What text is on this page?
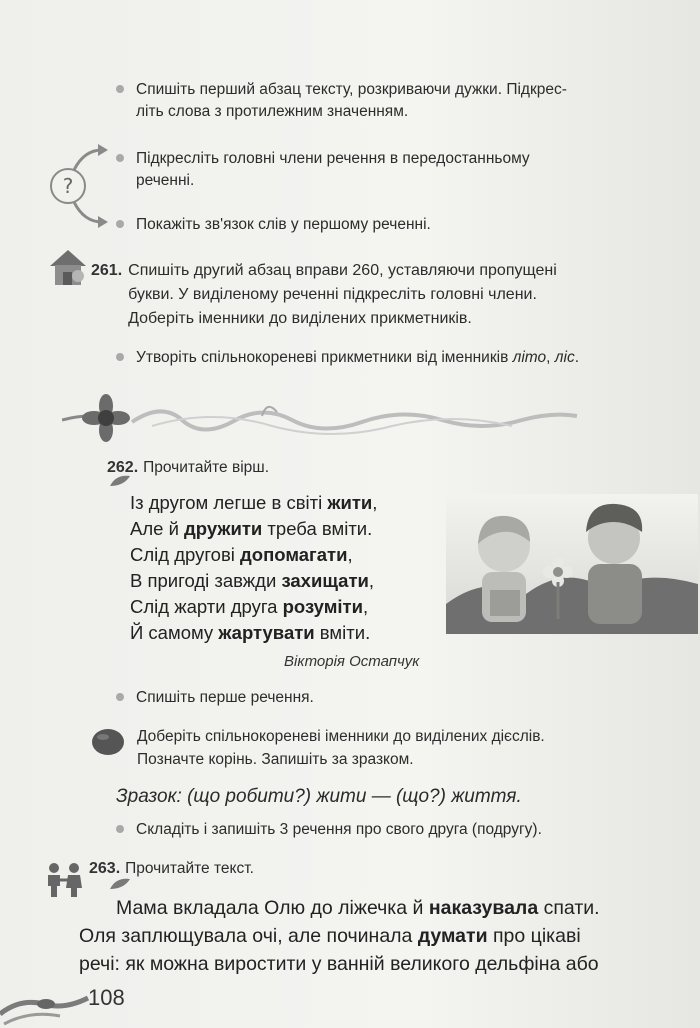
Спишіть перший абзац тексту, розкриваючи дужки. Підкрес-
літь слова з протилежним значенням.
?
Підкресліть головні члени речення в передостанньому
реченні.
Покажіть зв'язок слів у першому реченні.
261. Спишіть другий абзац вправи 260, уставляючи пропущені
букви. У виділеному реченні підкресліть головні члени.
Доберіть іменники до виділених прикметників.
Утворіть спільнокореневі прикметники від іменників літо, ліс.
262. Прочитайте вірш.
Із другом легше в світі жити,
Але й дружити треба вміти.
Слід другові допомагати,
В пригоді завжди захищати,
Слід жарти друга розуміти,
Й самому жартувати вміти.
Вікторія Остапчук
Спишіть перше речення.
Доберіть спільнокореневі іменники до виділених дієслів.
Позначте корінь. Запишіть за зразком.
Зразок: (що робити?) жити — (що?) життя.
Складіть і запишіть 3 речення про свого друга (подругу).
263. Прочитайте текст.
Мама вкладала Олю до ліжечка й наказувала спати.
Оля заплющувала очі, але починала думати про цікаві
речі: як можна виростити у ванній великого дельфіна або
108
